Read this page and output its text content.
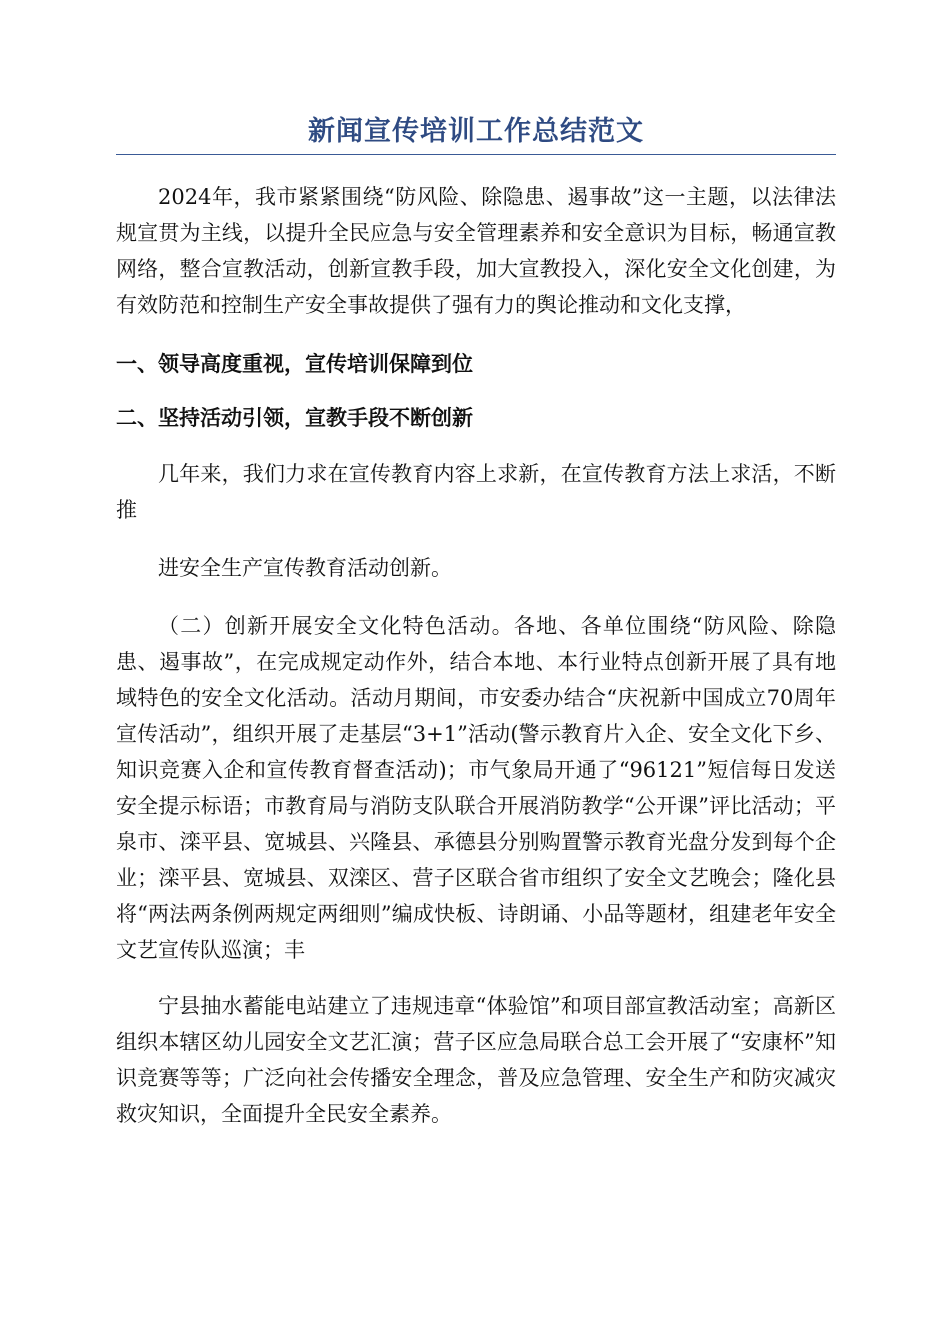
新闻宣传培训工作总结范文

2024年，我市紧紧围绕“防风险、除隐患、遏事故”这一主题，以法律法规宣贯为主线，以提升全民应急与安全管理素养和安全意识为目标，畅通宣教网络，整合宣教活动，创新宣教手段，加大宣教投入，深化安全文化创建，为有效防范和控制生产安全事故提供了强有力的舆论推动和文化支撑，

一、领导高度重视，宣传培训保障到位

二、坚持活动引领，宣教手段不断创新

几年来，我们力求在宣传教育内容上求新，在宣传教育方法上求活，不断推

进安全生产宣传教育活动创新。

（二）创新开展安全文化特色活动。各地、各单位围绕“防风险、除隐患、遏事故”，在完成规定动作外，结合本地、本行业特点创新开展了具有地域特色的安全文化活动。活动月期间，市安委办结合“庆祝新中国成立70周年宣传活动”，组织开展了走基层“3+1”活动(警示教育片入企、安全文化下乡、知识竞赛入企和宣传教育督查活动)；市气象局开通了“96121”短信每日发送安全提示标语；市教育局与消防支队联合开展消防教学“公开课”评比活动；平泉市、滦平县、宽城县、兴隆县、承德县分别购置警示教育光盘分发到每个企业；滦平县、宽城县、双滦区、营子区联合省市组织了安全文艺晚会；隆化县将“两法两条例两规定两细则”编成快板、诗朗诵、小品等题材，组建老年安全文艺宣传队巡演；丰

宁县抽水蓄能电站建立了违规违章“体验馆”和项目部宣教活动室；高新区组织本辖区幼儿园安全文艺汇演；营子区应急局联合总工会开展了“安康杯”知识竞赛等等；广泛向社会传播安全理念，普及应急管理、安全生产和防灾减灾救灾知识，全面提升全民安全素养。
